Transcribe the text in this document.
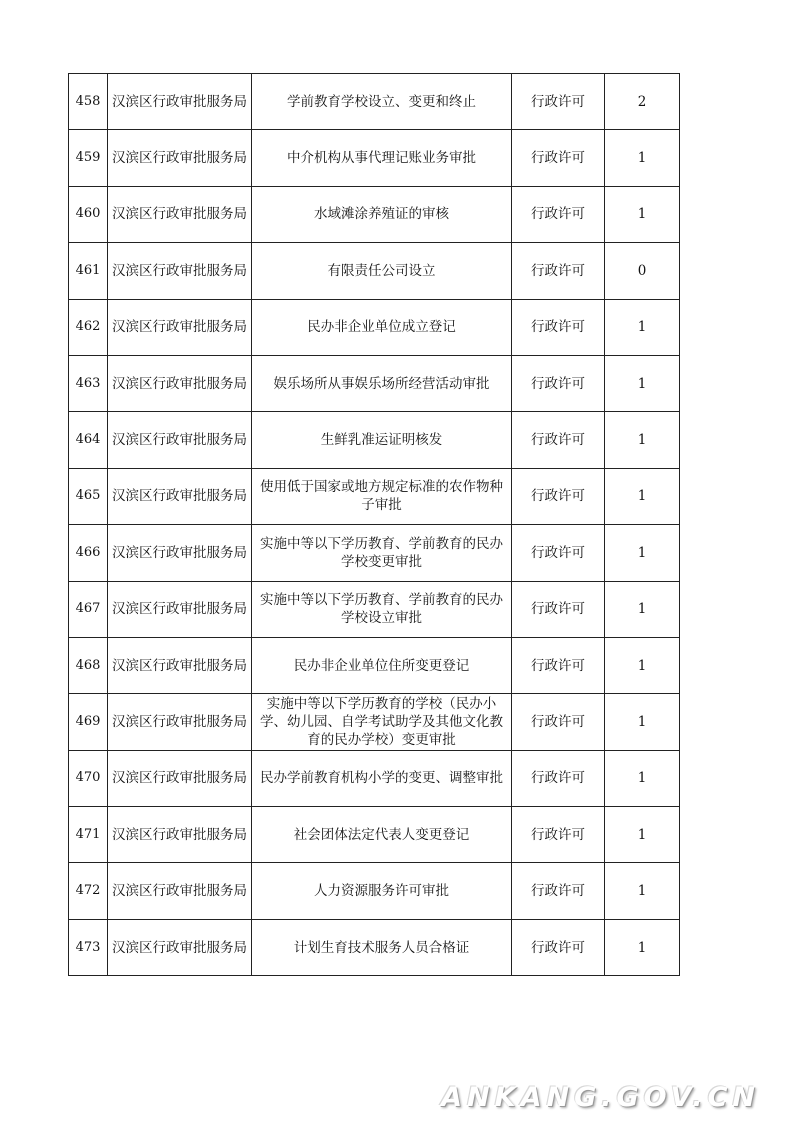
458	汉滨区行政审批服务局	学前教育学校设立、变更和终止	行政许可	2
459	汉滨区行政审批服务局	中介机构从事代理记账业务审批	行政许可	1
460	汉滨区行政审批服务局	水域滩涂养殖证的审核	行政许可	1
461	汉滨区行政审批服务局	有限责任公司设立	行政许可	0
462	汉滨区行政审批服务局	民办非企业单位成立登记	行政许可	1
463	汉滨区行政审批服务局	娱乐场所从事娱乐场所经营活动审批	行政许可	1
464	汉滨区行政审批服务局	生鲜乳准运证明核发	行政许可	1
465	汉滨区行政审批服务局	使用低于国家或地方规定标准的农作物种子审批	行政许可	1
466	汉滨区行政审批服务局	实施中等以下学历教育、学前教育的民办学校变更审批	行政许可	1
467	汉滨区行政审批服务局	实施中等以下学历教育、学前教育的民办学校设立审批	行政许可	1
468	汉滨区行政审批服务局	民办非企业单位住所变更登记	行政许可	1
469	汉滨区行政审批服务局	实施中等以下学历教育的学校（民办小学、幼儿园、自学考试助学及其他文化教育的民办学校）变更审批	行政许可	1
470	汉滨区行政审批服务局	民办学前教育机构小学的变更、调整审批	行政许可	1
471	汉滨区行政审批服务局	社会团体法定代表人变更登记	行政许可	1
472	汉滨区行政审批服务局	人力资源服务许可审批	行政许可	1
473	汉滨区行政审批服务局	计划生育技术服务人员合格证	行政许可	1
ANKANG.GOV.CN
